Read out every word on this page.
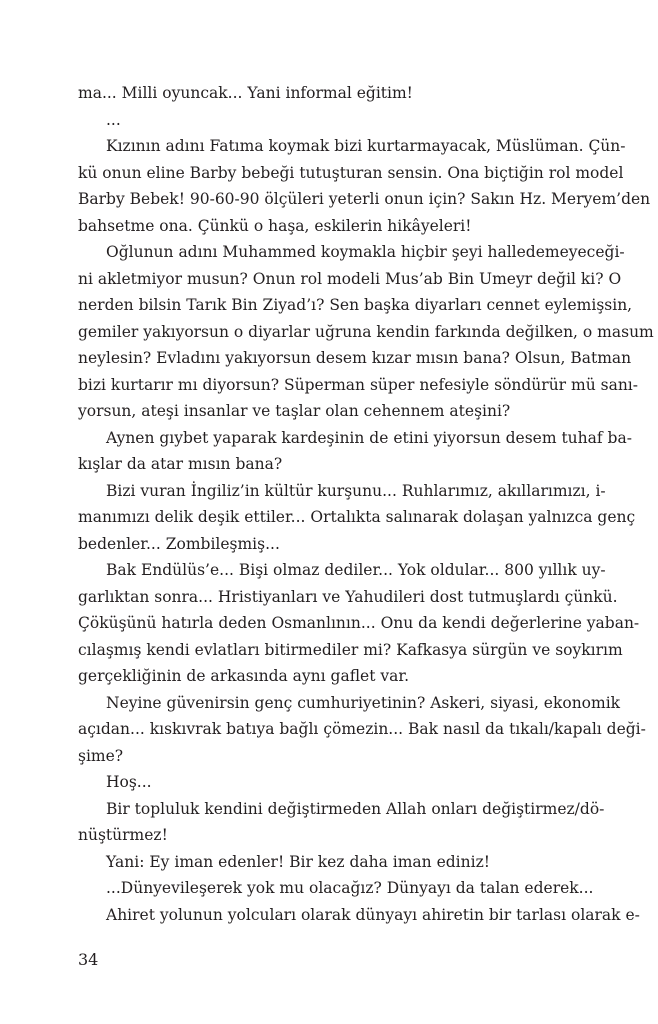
ma... Milli oyuncak... Yani informal eğitim!
...
Kızının adını Fatıma koymak bizi kurtarmayacak, Müslüman. Çün-
kü onun eline Barby bebeği tutuşturan sensin. Ona biçtiğin rol model
Barby Bebek! 90-60-90 ölçüleri yeterli onun için? Sakın Hz. Meryem’den
bahsetme ona. Çünkü o haşa, eskilerin hikâyeleri!
Oğlunun adını Muhammed koymakla hiçbir şeyi halledemeyeceği-
ni akletmiyor musun? Onun rol modeli Mus’ab Bin Umeyr değil ki? O
nerden bilsin Tarık Bin Ziyad’ı? Sen başka diyarları cennet eylemişsin,
gemiler yakıyorsun o diyarlar uğruna kendin farkında değilken, o masum
neylesin? Evladını yakıyorsun desem kızar mısın bana? Olsun, Batman
bizi kurtarır mı diyorsun? Süperman süper nefesiyle söndürür mü sanı-
yorsun, ateşi insanlar ve taşlar olan cehennem ateşini?
Aynen gıybet yaparak kardeşinin de etini yiyorsun desem tuhaf ba-
kışlar da atar mısın bana?
Bizi vuran İngiliz’in kültür kurşunu... Ruhlarımız, akıllarımızı, i-
manımızı delik deşik ettiler... Ortalıkta salınarak dolaşan yalnızca genç
bedenler... Zombileşmiş...
Bak Endülüs’e... Bişi olmaz dediler... Yok oldular... 800 yıllık uy-
garlıktan sonra... Hristiyanları ve Yahudileri dost tutmuşlardı çünkü.
Çöküşünü hatırla deden Osmanlının... Onu da kendi değerlerine yaban-
cılaşmış kendi evlatları bitirmediler mi? Kafkasya sürgün ve soykırım
gerçekliğinin de arkasında aynı gaflet var.
Neyine güvenirsin genç cumhuriyetinin? Askeri, siyasi, ekonomik
açıdan... kıskıvrak batıya bağlı çömezin... Bak nasıl da tıkalı/kapalı deği-
şime?
Hoş...
Bir topluluk kendini değiştirmeden Allah onları değiştirmez/dö-
nüştürmez!
Yani: Ey iman edenler! Bir kez daha iman ediniz!
...Dünyevileşerek yok mu olacağız? Dünyayı da talan ederek...
Ahiret yolunun yolcuları olarak dünyayı ahiretin bir tarlası olarak e-
34
